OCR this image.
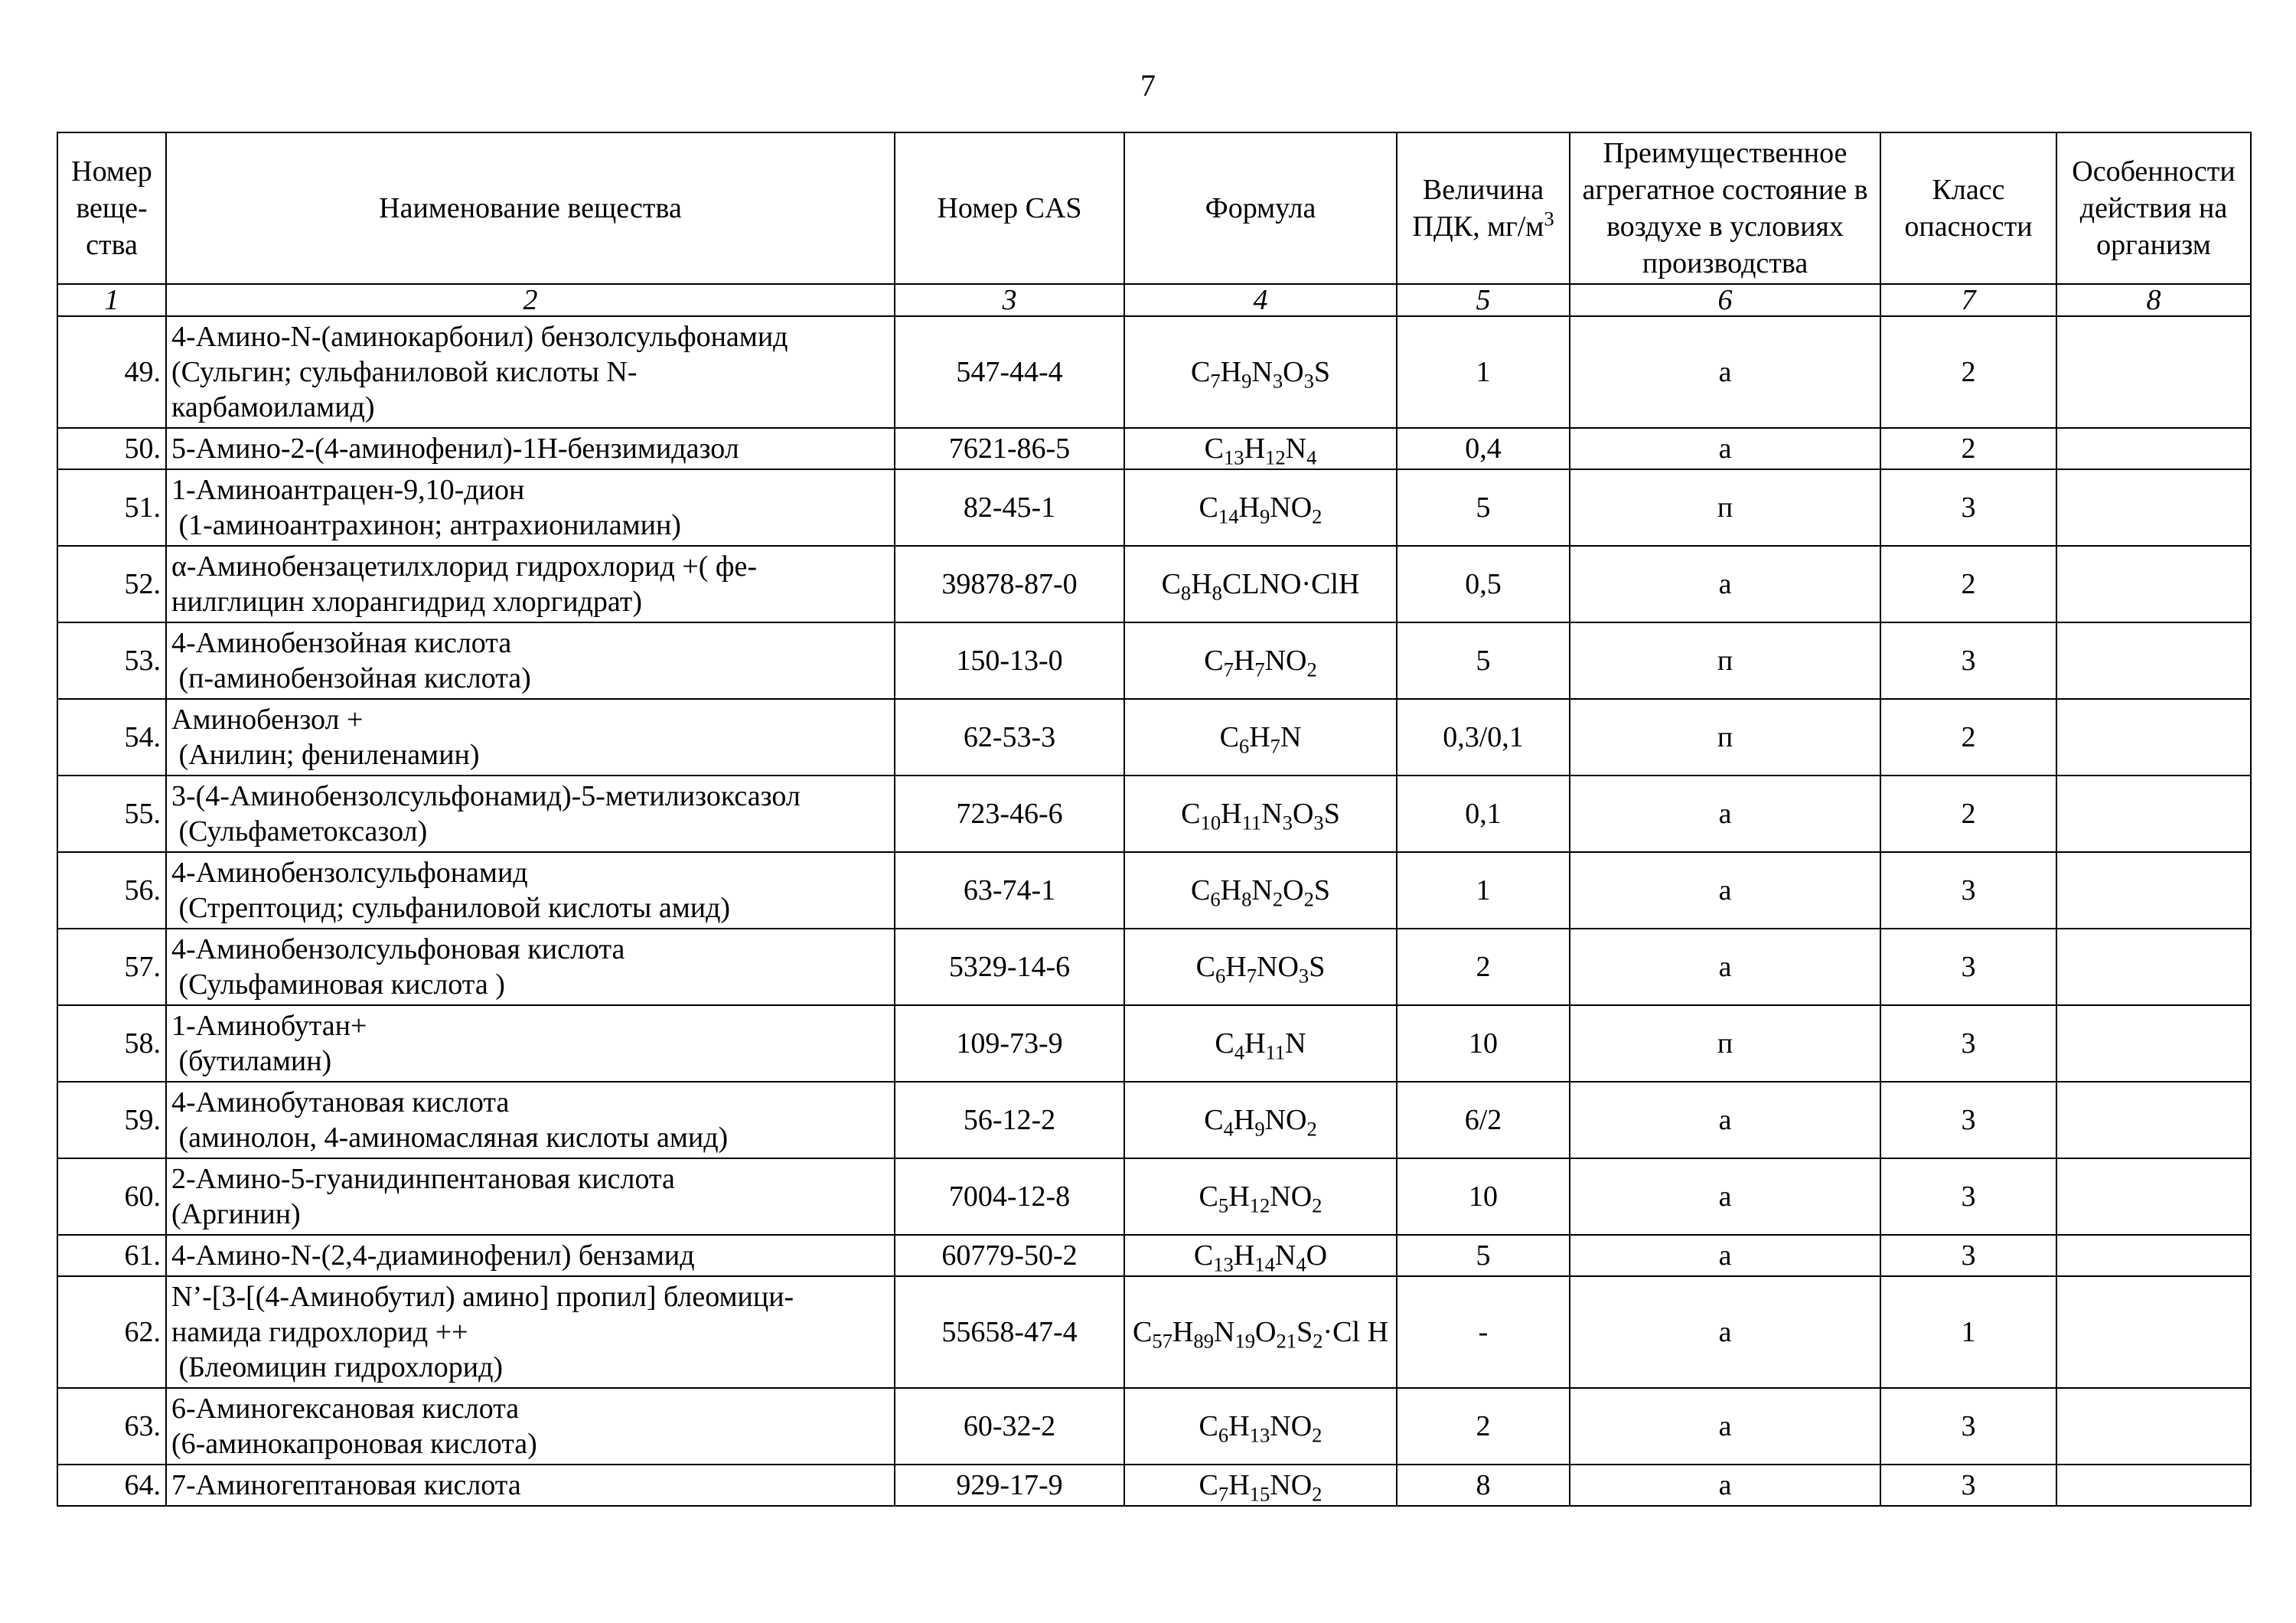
7
Номер веще-ства	Наименование вещества	Номер CAS	Формула	Величина ПДК, $мг/м^3$	Преимущественное агрегатное состояние в воздухе в условиях производства	Класс опасности	Особенности действия на организм
1	2	3	4	5	6	7	8
49.	4-Амино-N-(аминокарбонил) бензолсульфонамид
(Сульгин; сульфаниловой кислоты N-
карбамоиламид)	547-44-4	$C_7H_9N_3O_3S$	1	а	2	
50.	5-Амино-2-(4-аминофенил)-1Н-бензимидазол	7621-86-5	$C_{13}H_{12}N_4$	0,4	а	2	
51.	1-Аминоантрацен-9,10-дион
(1-аминоантрахинон; антрахиониламин)	82-45-1	$C_{14}H_9NO_2$	5	п	3	
52.	α-Аминобензацетилхлорид гидрохлорид +( фе-
нилглицин хлорангидрид хлоргидрат)	39878-87-0	$C_8H_8CLNO\cdot ClH$	0,5	а	2	
53.	4-Аминобензойная кислота
(п-аминобензойная кислота)	150-13-0	$C_7H_7NO_2$	5	п	3	
54.	Аминобензол +
(Анилин; фениленамин)	62-53-3	$C_6H_7N$	0,3/0,1	п	2	
55.	3-(4-Аминобензолсульфонамид)-5-метилизоксазол
(Сульфаметоксазол)	723-46-6	$C_{10}H_{11}N_3O_3S$	0,1	а	2	
56.	4-Аминобензолсульфонамид
(Стрептоцид; сульфаниловой кислоты амид)	63-74-1	$C_6H_8N_2O_2S$	1	а	3	
57.	4-Аминобензолсульфоновая кислота
(Сульфаминовая кислота )	5329-14-6	$C_6H_7NO_3S$	2	а	3	
58.	1-Аминобутан+
(бутиламин)	109-73-9	$C_4H_{11}N$	10	п	3	
59.	4-Аминобутановая кислота
(аминолон, 4-аминомасляная кислоты амид)	56-12-2	$C_4H_9NO_2$	6/2	а	3	
60.	2-Амино-5-гуанидинпентановая кислота
(Аргинин)	7004-12-8	$C_5H_{12}NO_2$	10	а	3	
61.	4-Амино-N-(2,4-диаминофенил) бензамид	60779-50-2	$C_{13}H_{14}N_4O$	5	а	3	
62.	N’-[3-[(4-Аминобутил) амино] пропил] блеомици-
намида гидрохлорид ++
(Блеомицин гидрохлорид)	55658-47-4	$C_{57}H_{89}N_{19}O_{21}S_2\cdot Cl$ H	-	а	1	
63.	6-Аминогексановая кислота
(6-аминокапроновая кислота)	60-32-2	$C_6H_{13}NO_2$	2	а	3	
64.	7-Аминогептановая кислота	929-17-9	$C_7H_{15}NO_2$	8	а	3	
